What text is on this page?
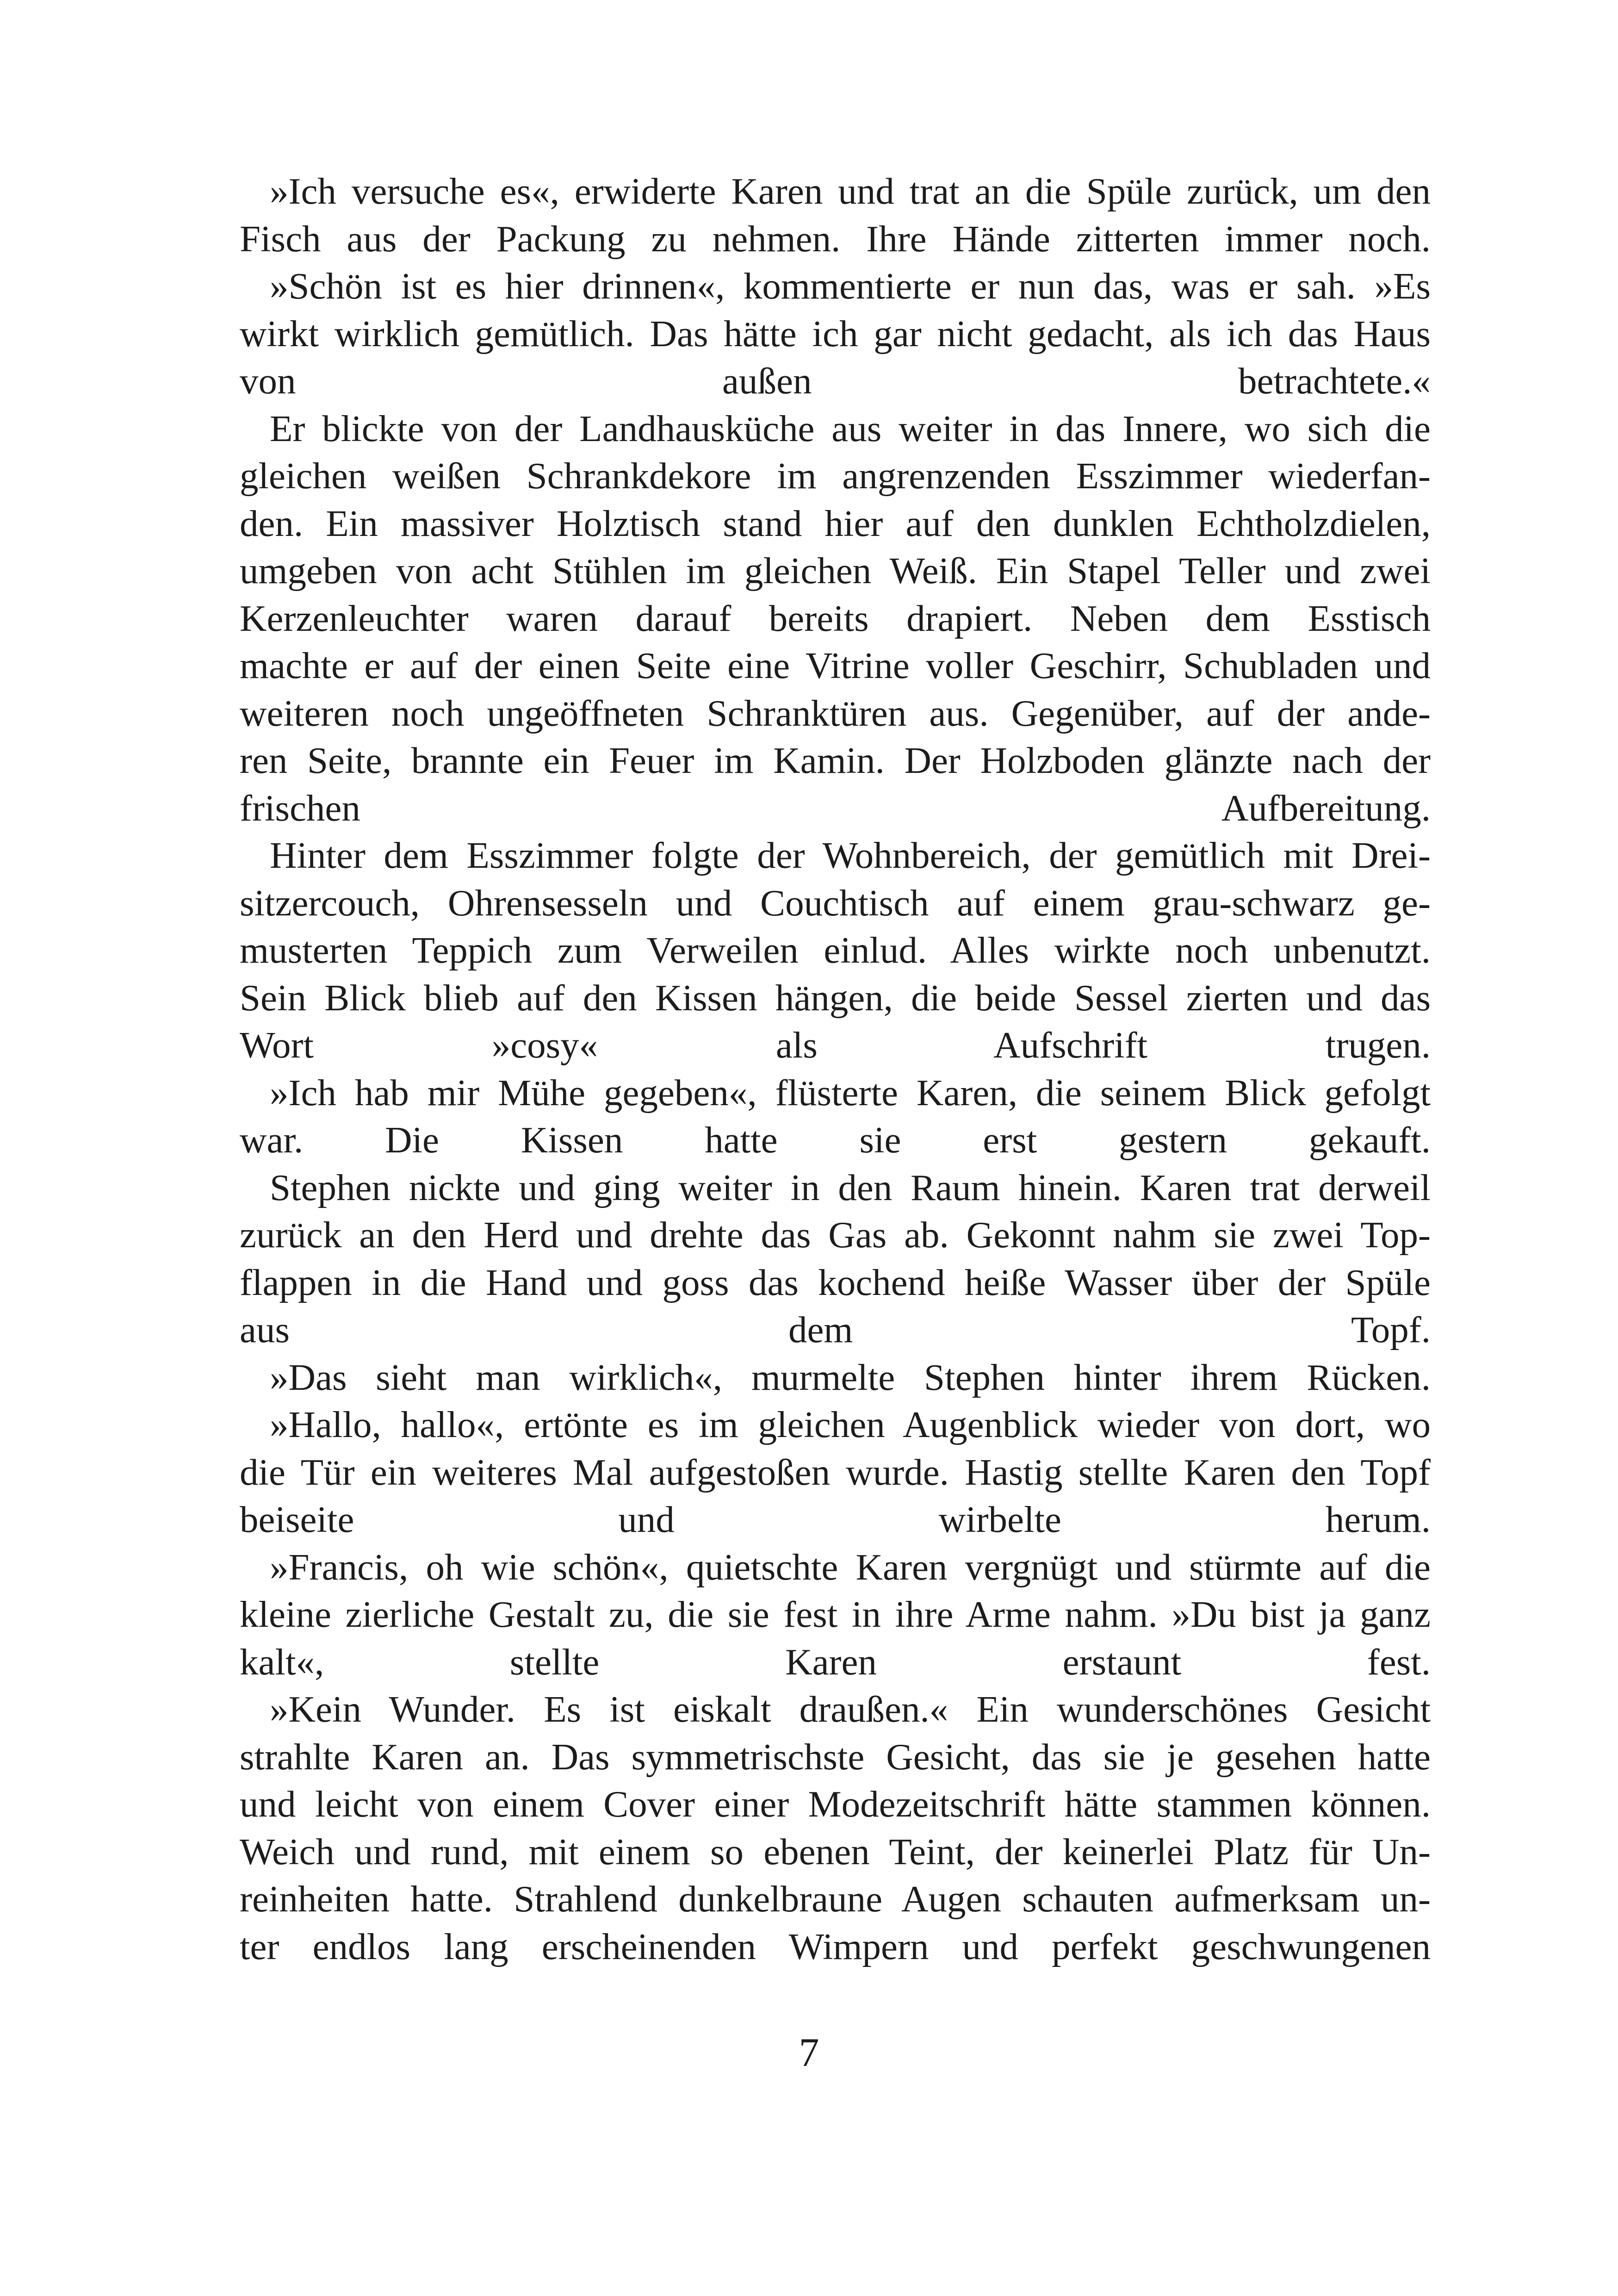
»Ich versuche es«, erwiderte Karen und trat an die Spüle zurück, um den
Fisch aus der Packung zu nehmen. Ihre Hände zitterten immer noch.
»Schön ist es hier drinnen«, kommentierte er nun das, was er sah. »Es
wirkt wirklich gemütlich. Das hätte ich gar nicht gedacht, als ich das Haus
von außen betrachtete.«
Er blickte von der Landhausküche aus weiter in das Innere, wo sich die
gleichen weißen Schrankdekore im angrenzenden Esszimmer wiederfan-
den. Ein massiver Holztisch stand hier auf den dunklen Echtholzdielen,
umgeben von acht Stühlen im gleichen Weiß. Ein Stapel Teller und zwei
Kerzenleuchter waren darauf bereits drapiert. Neben dem Esstisch
machte er auf der einen Seite eine Vitrine voller Geschirr, Schubladen und
weiteren noch ungeöffneten Schranktüren aus. Gegenüber, auf der ande-
ren Seite, brannte ein Feuer im Kamin. Der Holzboden glänzte nach der
frischen Aufbereitung.
Hinter dem Esszimmer folgte der Wohnbereich, der gemütlich mit Drei-
sitzercouch, Ohrensesseln und Couchtisch auf einem grau-schwarz ge-
musterten Teppich zum Verweilen einlud. Alles wirkte noch unbenutzt.
Sein Blick blieb auf den Kissen hängen, die beide Sessel zierten und das
Wort »cosy« als Aufschrift trugen.
»Ich hab mir Mühe gegeben«, flüsterte Karen, die seinem Blick gefolgt
war. Die Kissen hatte sie erst gestern gekauft.
Stephen nickte und ging weiter in den Raum hinein. Karen trat derweil
zurück an den Herd und drehte das Gas ab. Gekonnt nahm sie zwei Top-
flappen in die Hand und goss das kochend heiße Wasser über der Spüle
aus dem Topf.
»Das sieht man wirklich«, murmelte Stephen hinter ihrem Rücken.
»Hallo, hallo«, ertönte es im gleichen Augenblick wieder von dort, wo
die Tür ein weiteres Mal aufgestoßen wurde. Hastig stellte Karen den Topf
beiseite und wirbelte herum.
»Francis, oh wie schön«, quietschte Karen vergnügt und stürmte auf die
kleine zierliche Gestalt zu, die sie fest in ihre Arme nahm. »Du bist ja ganz
kalt«, stellte Karen erstaunt fest.
»Kein Wunder. Es ist eiskalt draußen.« Ein wunderschönes Gesicht
strahlte Karen an. Das symmetrischste Gesicht, das sie je gesehen hatte
und leicht von einem Cover einer Modezeitschrift hätte stammen können.
Weich und rund, mit einem so ebenen Teint, der keinerlei Platz für Un-
reinheiten hatte. Strahlend dunkelbraune Augen schauten aufmerksam un-
ter endlos lang erscheinenden Wimpern und perfekt geschwungenen
7
